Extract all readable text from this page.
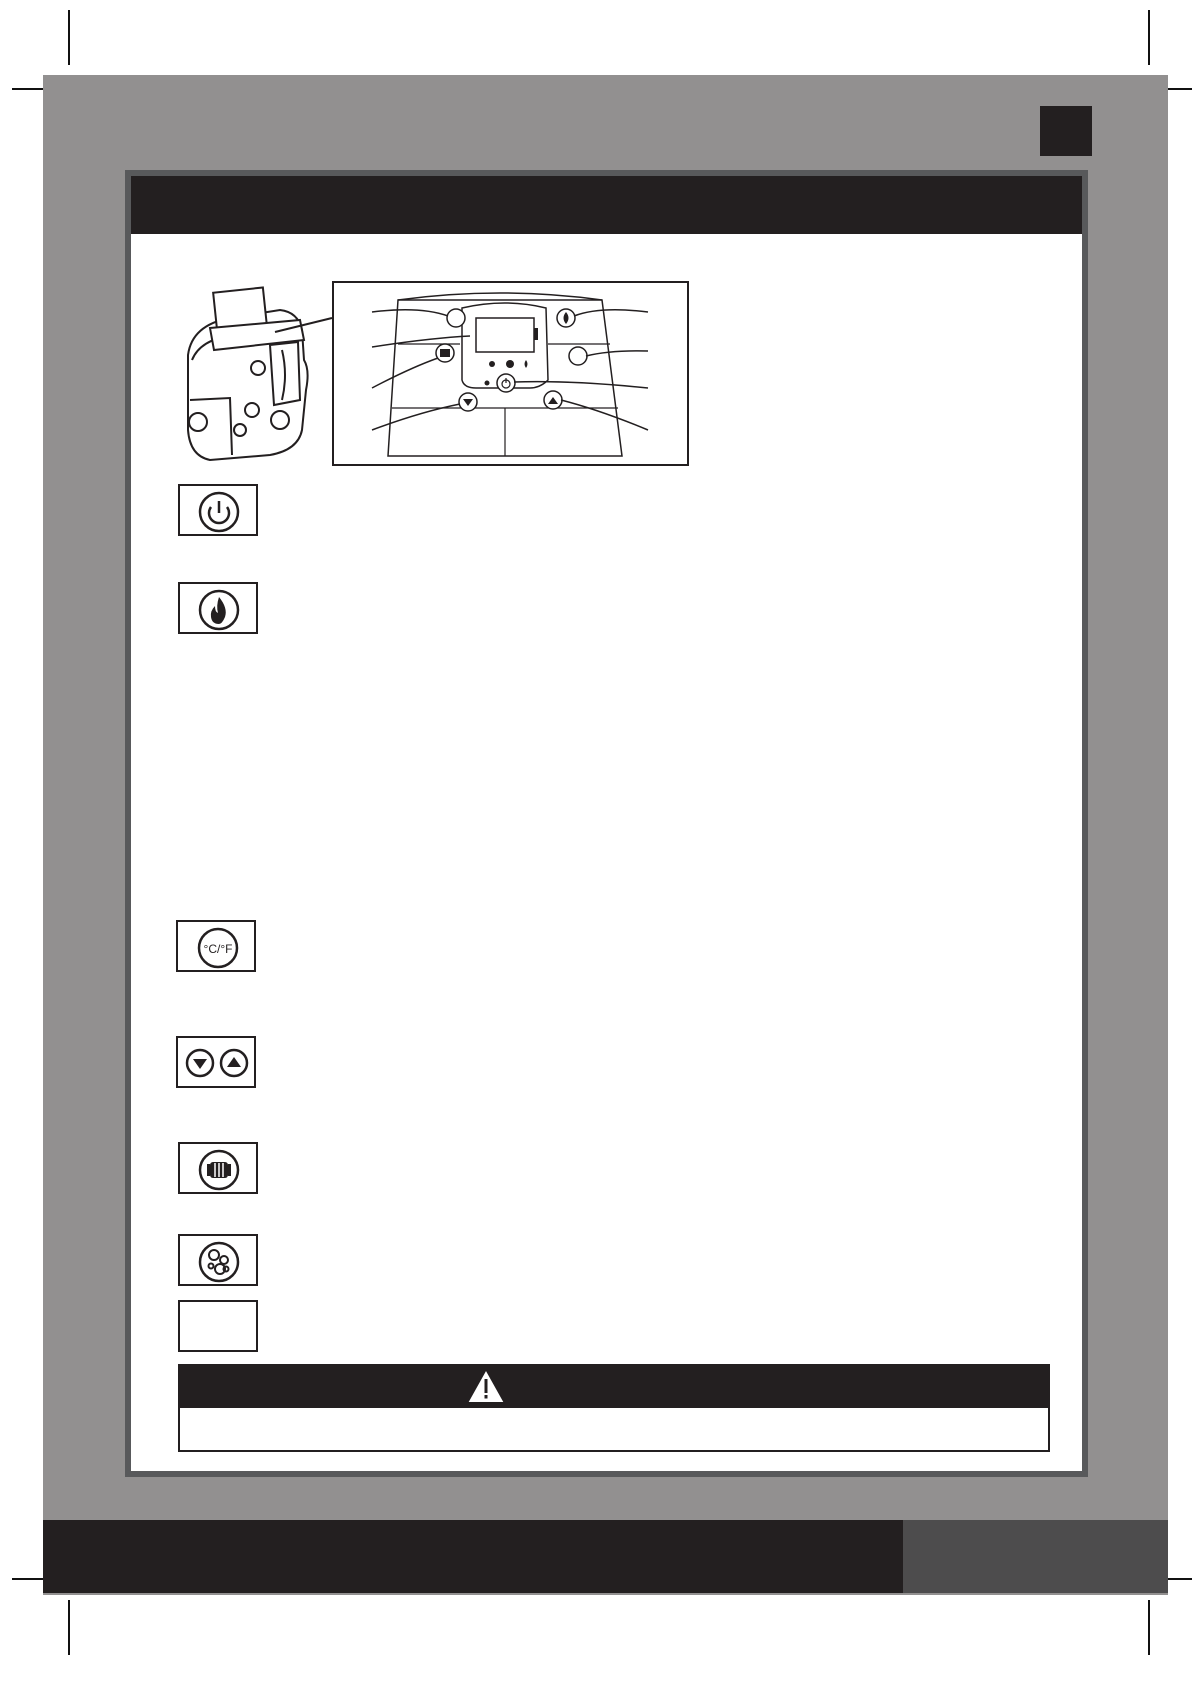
°C/°F
